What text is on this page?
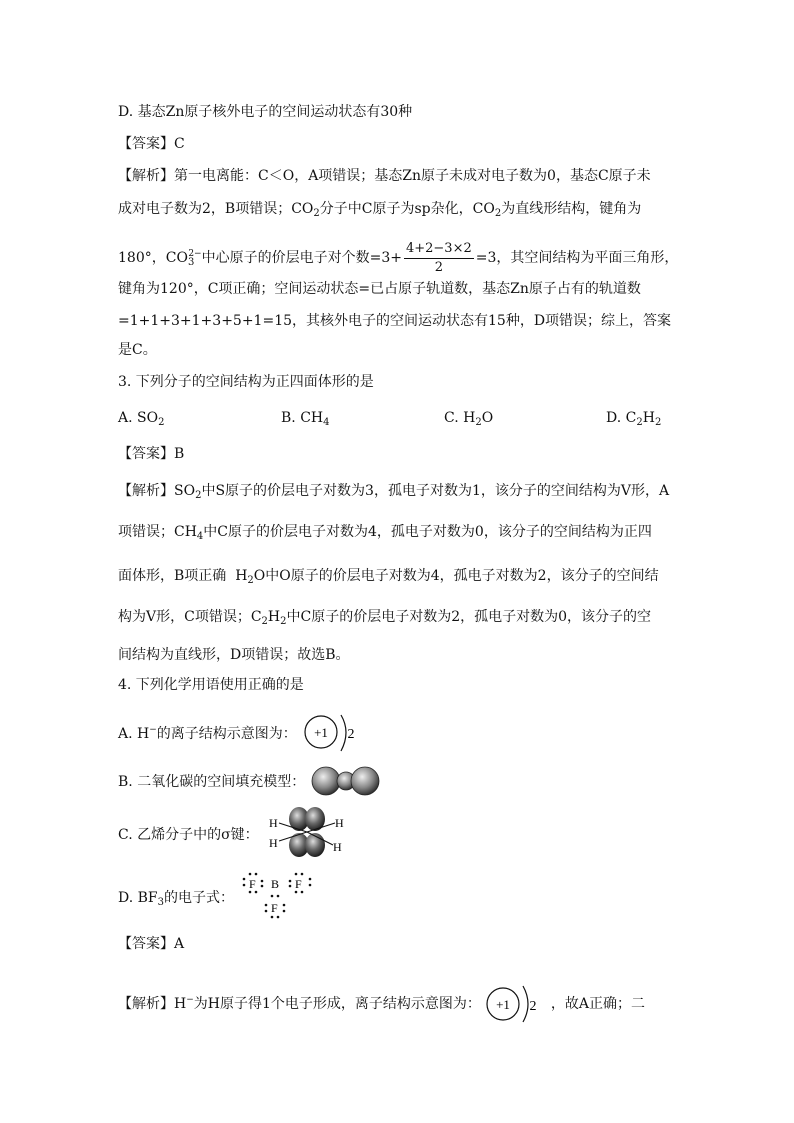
D. 基态Zn原子核外电子的空间运动状态有30种
【答案】C
【解析】第一电离能：C＜O，A项错误；基态Zn原子未成对电子数为0，基态C原子未
成对电子数为2，B项错误；$CO_2$分子中C原子为sp杂化，$CO_2$为直线形结构，键角为
180°，$CO_3^{2-}$中心原子的价层电子对个数$=3+ \frac{4+2-3\times 2}{2} =3$，其空间结构为平面三角形，
键角为120°，C项正确；空间运动状态=已占原子轨道数，基态Zn原子占有的轨道数
=1+1+3+1+3+5+1=15，其核外电子的空间运动状态有15种，D项错误；综上，答案
是C。
3. 下列分子的空间结构为正四面体形的是
A. $SO_2$	B. $CH_4$	C. $H_2O$	D. $C_2H_2$
【答案】B
【解析】$SO_2$中S原子的价层电子对数为3，孤电子对数为1，该分子的空间结构为V形，A
项错误；$CH_4$中C原子的价层电子对数为4，孤电子对数为0，该分子的空间结构为正四
面体形，B项正确 $H_2O$中O原子的价层电子对数为4，孤电子对数为2，该分子的空间结
构为V形，C项错误；$C_2H_2$中C原子的价层电子对数为2，孤电子对数为0，该分子的空
间结构为直线形，D项错误；故选B。
4. 下列化学用语使用正确的是
A. H−的离子结构示意图为： +1 2
B. 二氧化碳的空间填充模型：
C. 乙烯分子中的σ键：
H
H
H
H
D. $BF_3$的电子式：
F B F
F
【答案】A
【解析】H−为H原子得1个电子形成，离子结构示意图为： +1 2 ，故A正确；二
